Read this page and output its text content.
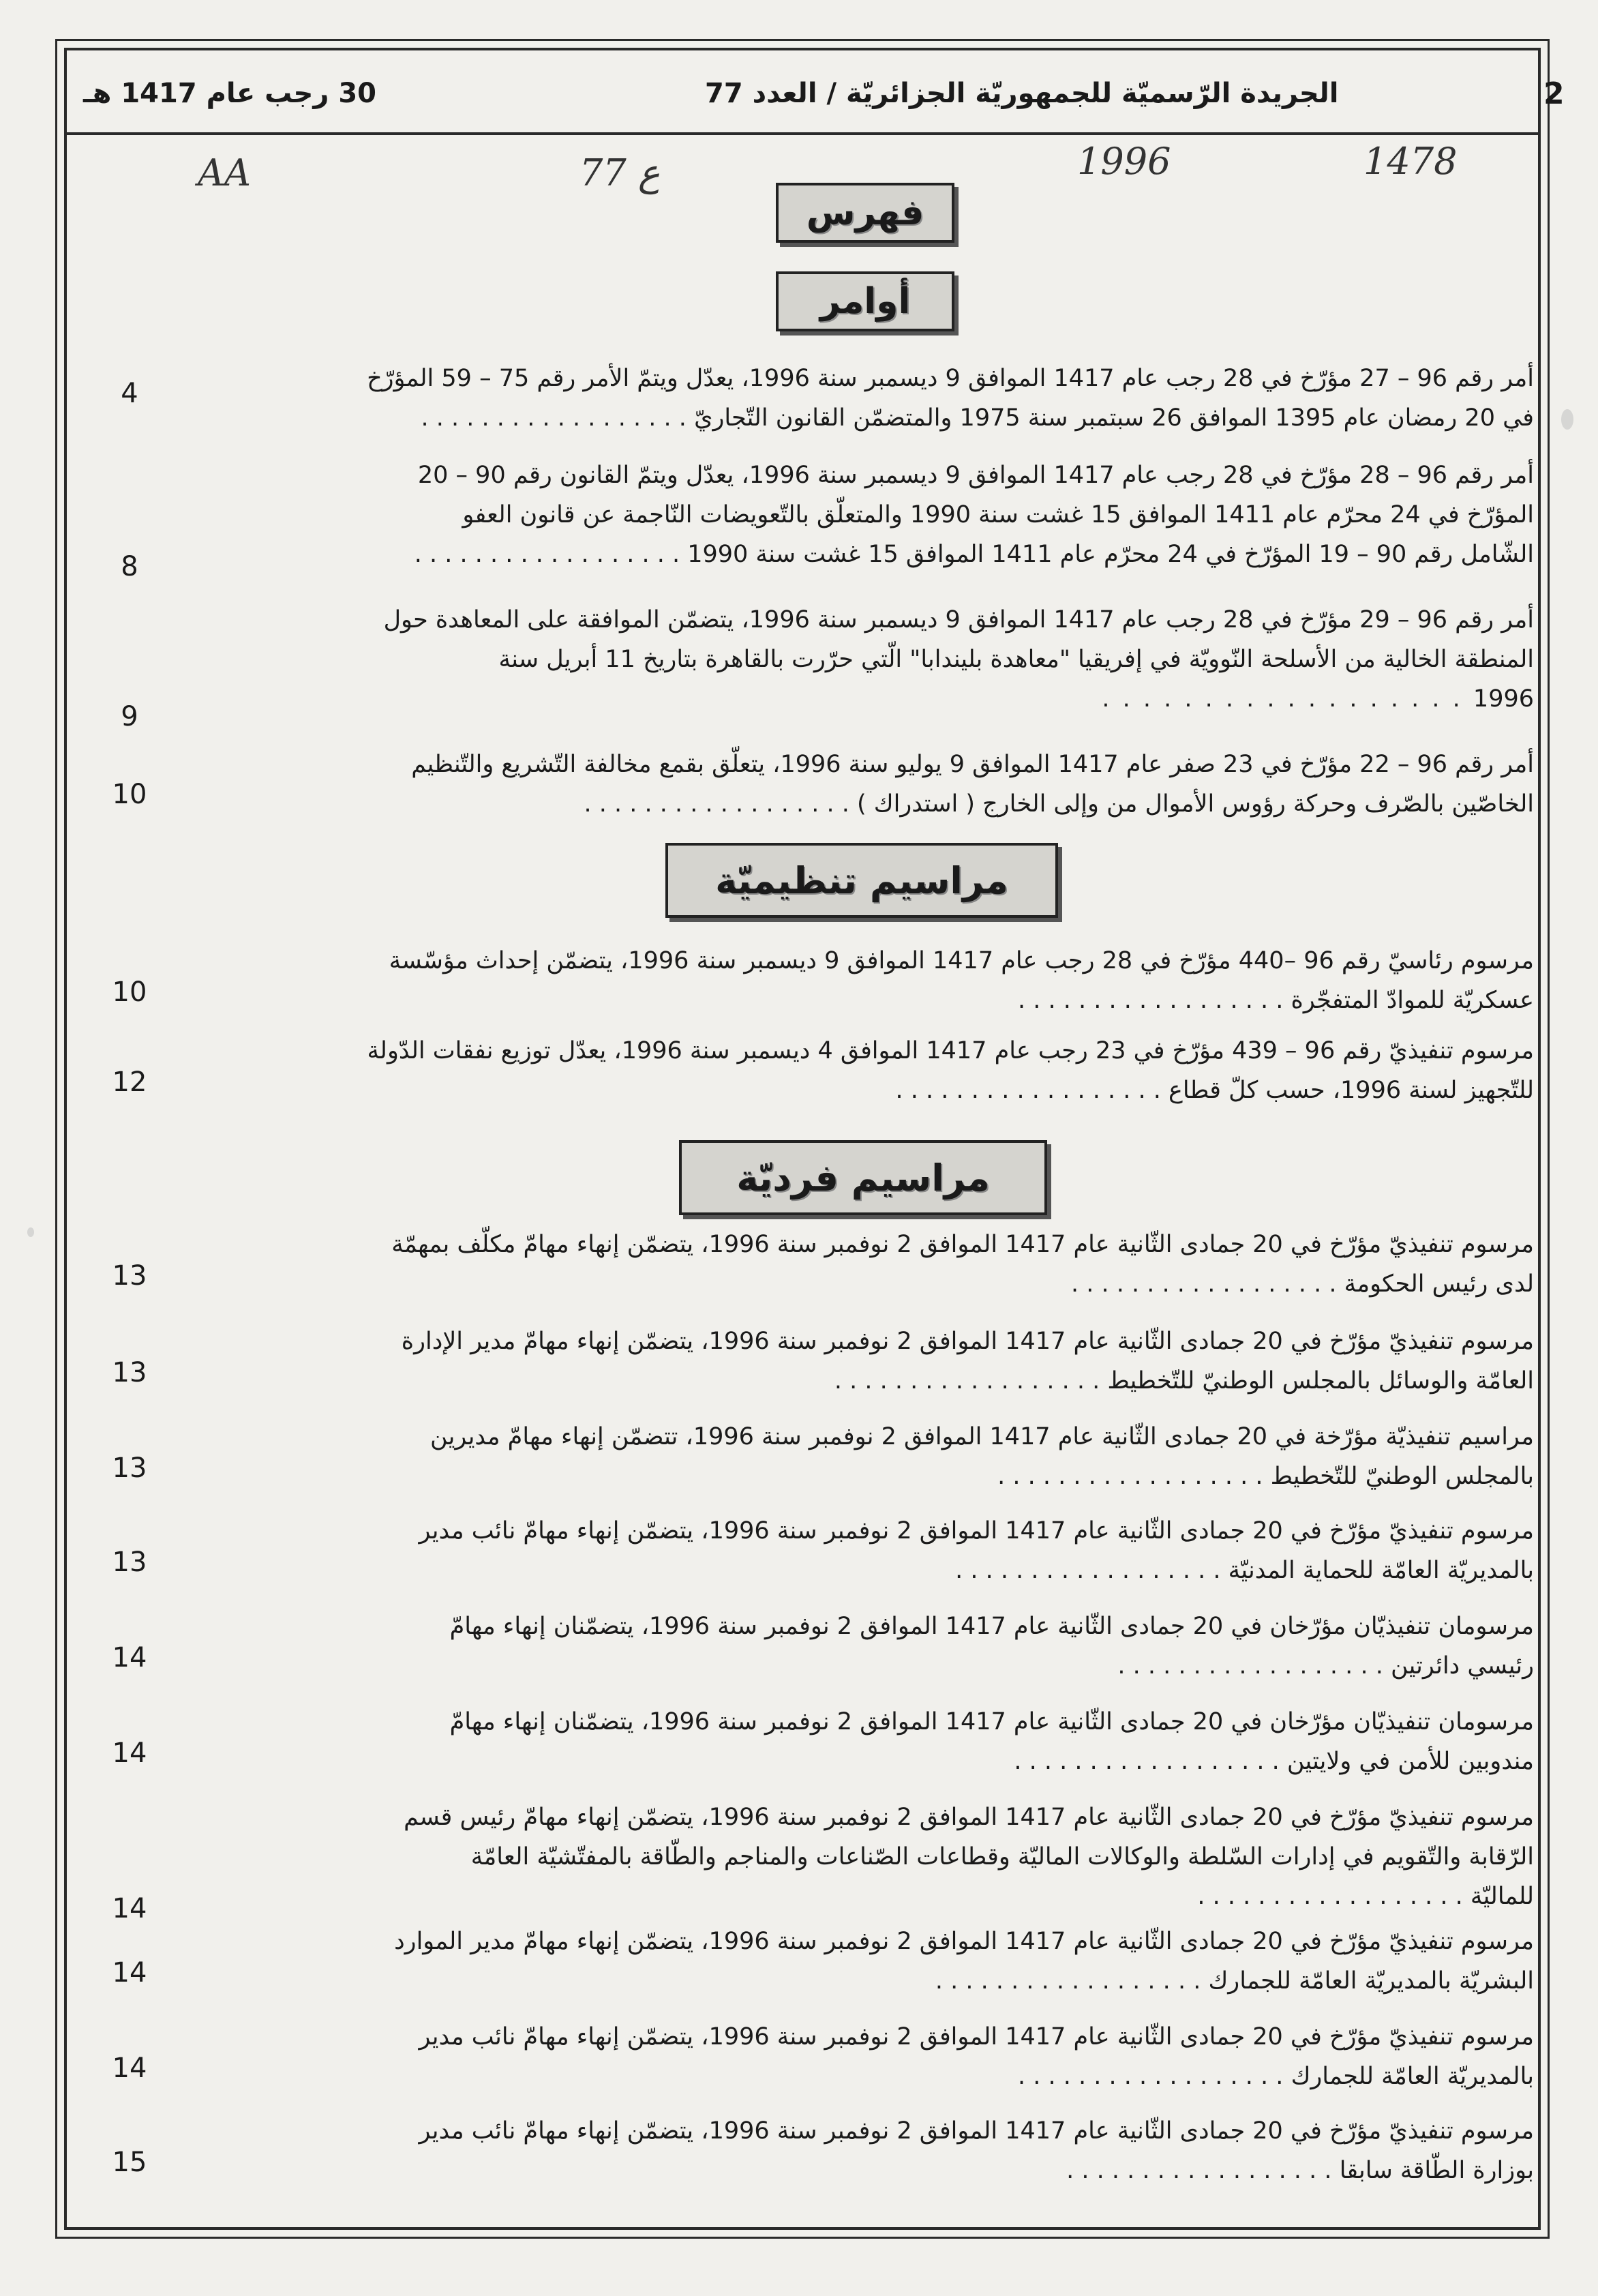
30 رجب عام 1417 هـ	الجريدة الرّسميّة للجمهوريّة الجزائريّة / العدد 77	2
AA	77 ع	1996	1478
فهرس
أوامر
أمر رقم 96 – 27 مؤرّخ في 28 رجب عام 1417 الموافق 9 ديسمبر سنة 1996، يعدّل ويتمّ الأمر رقم 75 – 59 المؤرّخ
في 20 رمضان عام 1395 الموافق 26 سبتمبر سنة 1975 والمتضمّن القانون التّجاريّ . . . . . . . . . . . . . . . . . .
4
أمر رقم 96 – 28 مؤرّخ في 28 رجب عام 1417 الموافق 9 ديسمبر سنة 1996، يعدّل ويتمّ القانون رقم 90 – 20
المؤرّخ في 24 محرّم عام 1411 الموافق 15 غشت سنة 1990 والمتعلّق بالتّعويضات النّاجمة عن قانون العفو
الشّامل رقم 90 – 19 المؤرّخ في 24 محرّم عام 1411 الموافق 15 غشت سنة 1990 . . . . . . . . . . . . . . . . . .
8
أمر رقم 96 – 29 مؤرّخ في 28 رجب عام 1417 الموافق 9 ديسمبر سنة 1996، يتضمّن الموافقة على المعاهدة حول
المنطقة الخالية من الأسلحة النّوويّة في إفريقيا "معاهدة بليندابا" الّتي حرّرت بالقاهرة بتاريخ 11 أبريل سنة
1996 . . . . . . . . . . . . . . . . . .
9
أمر رقم 96 – 22 مؤرّخ في 23 صفر عام 1417 الموافق 9 يوليو سنة 1996، يتعلّق بقمع مخالفة التّشريع والتّنظيم
الخاصّين بالصّرف وحركة رؤوس الأموال من وإلى الخارج ( استدراك ) . . . . . . . . . . . . . . . . . .
10
مراسيم تنظيميّة
مرسوم رئاسيّ رقم 96 –440 مؤرّخ في 28 رجب عام 1417 الموافق 9 ديسمبر سنة 1996، يتضمّن إحداث مؤسّسة
عسكريّة للموادّ المتفجّرة . . . . . . . . . . . . . . . . . .
10
مرسوم تنفيذيّ رقم 96 – 439 مؤرّخ في 23 رجب عام 1417 الموافق 4 ديسمبر سنة 1996، يعدّل توزيع نفقات الدّولة
للتّجهيز لسنة 1996، حسب كلّ قطاع . . . . . . . . . . . . . . . . . .
12
مراسيم فرديّة
مرسوم تنفيذيّ مؤرّخ في 20 جمادى الثّانية عام 1417 الموافق 2 نوفمبر سنة 1996، يتضمّن إنهاء مهامّ مكلّف بمهمّة
لدى رئيس الحكومة . . . . . . . . . . . . . . . . . .
13
مرسوم تنفيذيّ مؤرّخ في 20 جمادى الثّانية عام 1417 الموافق 2 نوفمبر سنة 1996، يتضمّن إنهاء مهامّ مدير الإدارة
العامّة والوسائل بالمجلس الوطنيّ للتّخطيط . . . . . . . . . . . . . . . . . .
13
مراسيم تنفيذيّة مؤرّخة في 20 جمادى الثّانية عام 1417 الموافق 2 نوفمبر سنة 1996، تتضمّن إنهاء مهامّ مديرين
بالمجلس الوطنيّ للتّخطيط . . . . . . . . . . . . . . . . . .
13
مرسوم تنفيذيّ مؤرّخ في 20 جمادى الثّانية عام 1417 الموافق 2 نوفمبر سنة 1996، يتضمّن إنهاء مهامّ نائب مدير
بالمديريّة العامّة للحماية المدنيّة . . . . . . . . . . . . . . . . . .
13
مرسومان تنفيذيّان مؤرّخان في 20 جمادى الثّانية عام 1417 الموافق 2 نوفمبر سنة 1996، يتضمّنان إنهاء مهامّ
رئيسي دائرتين . . . . . . . . . . . . . . . . . .
14
مرسومان تنفيذيّان مؤرّخان في 20 جمادى الثّانية عام 1417 الموافق 2 نوفمبر سنة 1996، يتضمّنان إنهاء مهامّ
مندوبين للأمن في ولايتين . . . . . . . . . . . . . . . . . .
14
مرسوم تنفيذيّ مؤرّخ في 20 جمادى الثّانية عام 1417 الموافق 2 نوفمبر سنة 1996، يتضمّن إنهاء مهامّ رئيس قسم
الرّقابة والتّقويم في إدارات السّلطة والوكالات الماليّة وقطاعات الصّناعات والمناجم والطّاقة بالمفتّشيّة العامّة
للماليّة . . . . . . . . . . . . . . . . . .
14
مرسوم تنفيذيّ مؤرّخ في 20 جمادى الثّانية عام 1417 الموافق 2 نوفمبر سنة 1996، يتضمّن إنهاء مهامّ مدير الموارد
البشريّة بالمديريّة العامّة للجمارك . . . . . . . . . . . . . . . . . .
14
مرسوم تنفيذيّ مؤرّخ في 20 جمادى الثّانية عام 1417 الموافق 2 نوفمبر سنة 1996، يتضمّن إنهاء مهامّ نائب مدير
بالمديريّة العامّة للجمارك . . . . . . . . . . . . . . . . . .
14
مرسوم تنفيذيّ مؤرّخ في 20 جمادى الثّانية عام 1417 الموافق 2 نوفمبر سنة 1996، يتضمّن إنهاء مهامّ نائب مدير
بوزارة الطّاقة سابقا . . . . . . . . . . . . . . . . . .
15
